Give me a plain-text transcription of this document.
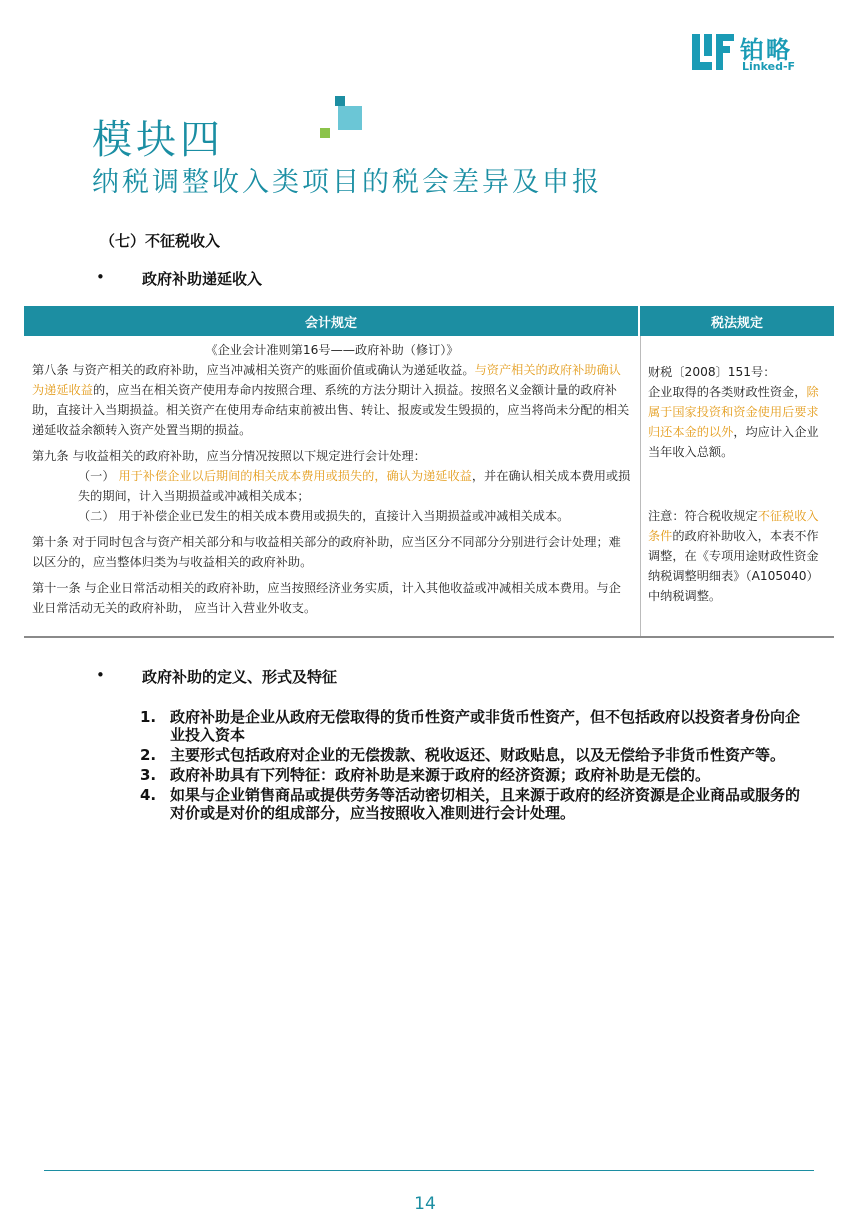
铂略
Linked-F
模块四
纳税调整收入类项目的税会差异及申报
（七）不征税收入
• 政府补助递延收入
会计规定	税法规定

《企业会计准则第16号——政府补助（修订）》

第八条 与资产相关的政府补助，应当冲减相关资产的账面价值或确认为递延收益。与资产相关的政府补助确认为递延收益的，应当在相关资产使用寿命内按照合理、系统的方法分期计入损益。按照名义金额计量的政府补助，直接计入当期损益。相关资产在使用寿命结束前被出售、转让、报废或发生毁损的，应当将尚未分配的相关递延收益余额转入资产处置当期的损益。

第九条 与收益相关的政府补助，应当分情况按照以下规定进行会计处理：

（一） 用于补偿企业以后期间的相关成本费用或损失的，确认为递延收益，并在确认相关成本费用或损失的期间，计入当期损益或冲减相关成本；

（二） 用于补偿企业已发生的相关成本费用或损失的，直接计入当期损益或冲减相关成本。

第十条 对于同时包含与资产相关部分和与收益相关部分的政府补助，应当区分不同部分分别进行会计处理；难以区分的，应当整体归类为与收益相关的政府补助。

第十一条 与企业日常活动相关的政府补助，应当按照经济业务实质，计入其他收益或冲减相关成本费用。与企业日常活动无关的政府补助， 应当计入营业外收支。

财税〔2008〕151号：

企业取得的各类财政性资金，除属于国家投资和资金使用后要求归还本金的以外，均应计入企业当年收入总额。

注意：符合税收规定不征税收入条件的政府补助收入，本表不作调整，在《专项用途财政性资金纳税调整明细表》（A105040）中纳税调整。

• 政府补助的定义、形式及特征
1. 政府补助是企业从政府无偿取得的货币性资产或非货币性资产，但不包括政府以投资者身份向企业投入资本
2. 主要形式包括政府对企业的无偿拨款、税收返还、财政贴息，以及无偿给予非货币性资产等。
3. 政府补助具有下列特征：政府补助是来源于政府的经济资源；政府补助是无偿的。
4. 如果与企业销售商品或提供劳务等活动密切相关，且来源于政府的经济资源是企业商品或服务的对价或是对价的组成部分，应当按照收入准则进行会计处理。
14
